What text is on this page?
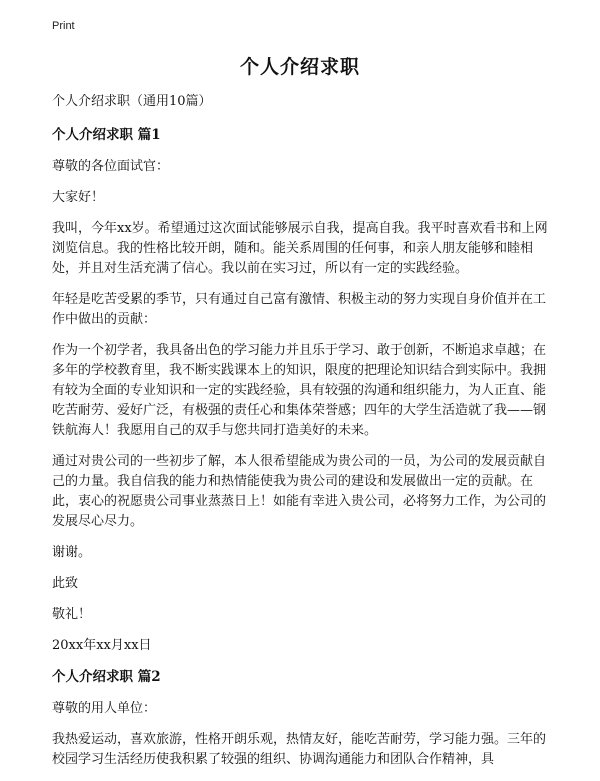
Print
个人介绍求职

个人介绍求职（通用10篇）

个人介绍求职 篇1

尊敬的各位面试官：

大家好！

我叫，今年xx岁。希望通过这次面试能够展示自我，提高自我。我平时喜欢看书和上网浏览信息。我的性格比较开朗，随和。能关系周围的任何事，和亲人朋友能够和睦相处，并且对生活充满了信心。我以前在实习过，所以有一定的实践经验。

年轻是吃苦受累的季节，只有通过自己富有激情、积极主动的努力实现自身价值并在工作中做出的贡献：

作为一个初学者，我具备出色的学习能力并且乐于学习、敢于创新，不断追求卓越；在多年的学校教育里，我不断实践课本上的知识，限度的把理论知识结合到实际中。我拥有较为全面的专业知识和一定的实践经验，具有较强的沟通和组织能力，为人正直、能吃苦耐劳、爱好广泛，有极强的责任心和集体荣誉感；四年的大学生活造就了我——钢铁航海人！我愿用自己的双手与您共同打造美好的未来。

通过对贵公司的一些初步了解，本人很希望能成为贵公司的一员，为公司的发展贡献自己的力量。我自信我的能力和热情能使我为贵公司的建设和发展做出一定的贡献。在此，衷心的祝愿贵公司事业蒸蒸日上！如能有幸进入贵公司，必将努力工作，为公司的发展尽心尽力。

谢谢。

此致

敬礼！

20xx年xx月xx日

个人介绍求职 篇2

尊敬的用人单位：

我热爱运动，喜欢旅游，性格开朗乐观，热情友好，能吃苦耐劳，学习能力强。三年的校园学习生活经历使我积累了较强的组织、协调沟通能力和团队合作精神，具
